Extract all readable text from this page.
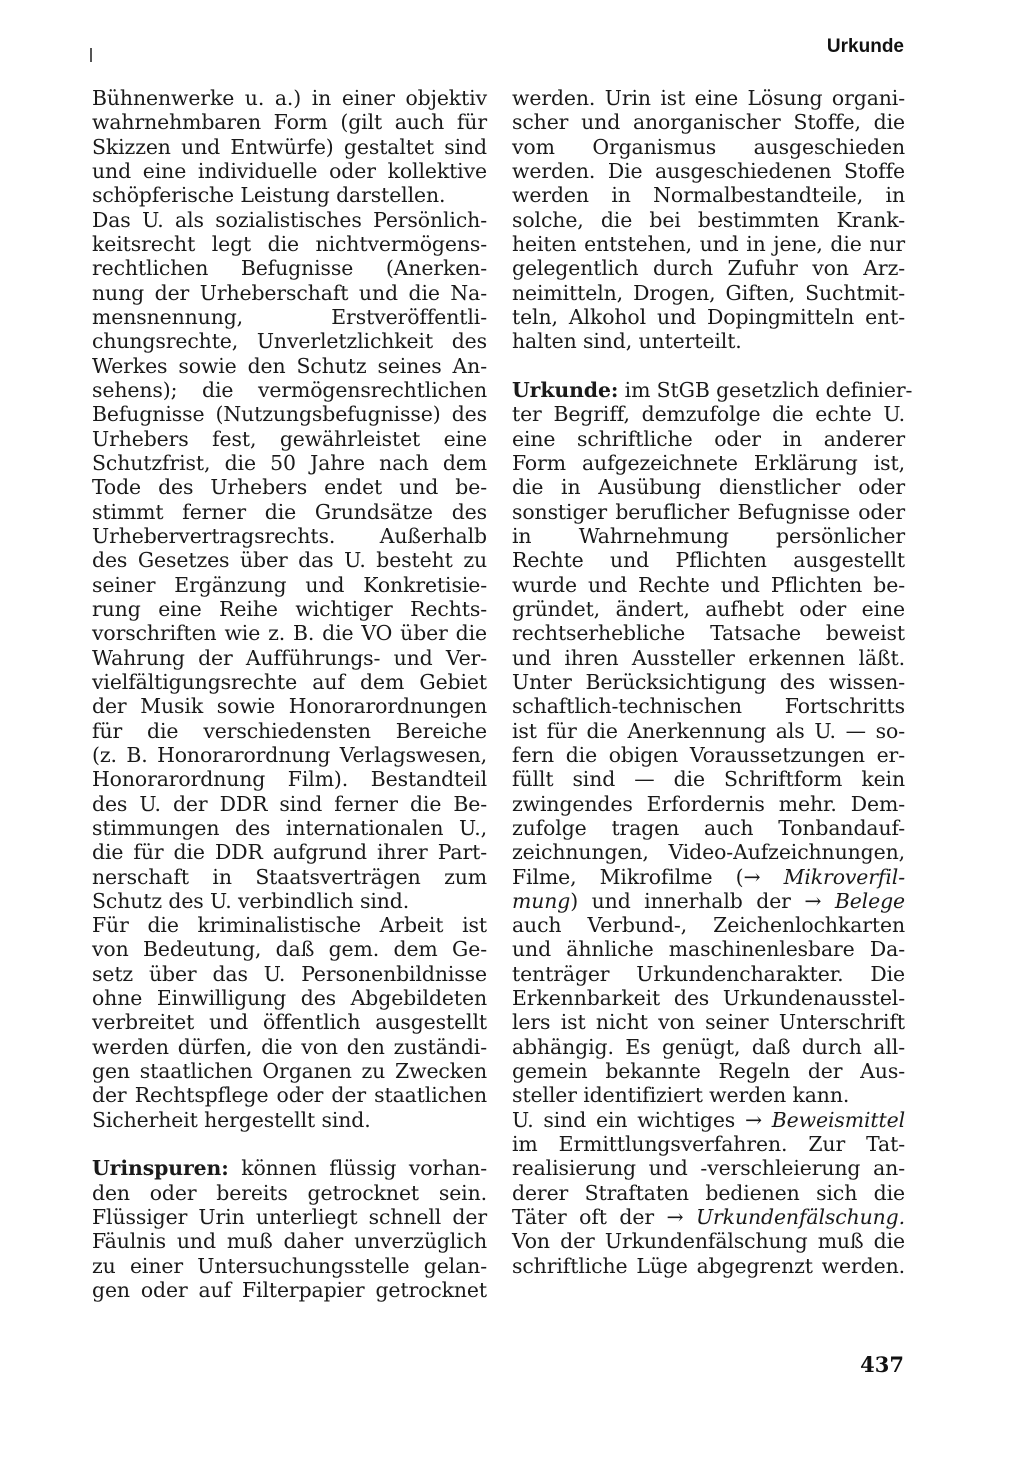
Urkunde
Bühnenwerke u. a.) in einer objektiv
wahrnehmbaren Form (gilt auch für
Skizzen und Entwürfe) gestaltet sind
und eine individuelle oder kollektive
schöpferische Leistung darstellen.
Das U. als sozialistisches Persönlich-
keitsrecht legt die nichtvermögens-
rechtlichen Befugnisse (Anerken-
nung der Urheberschaft und die Na-
mensnennung, Erstveröffentli-
chungsrechte, Unverletzlichkeit des
Werkes sowie den Schutz seines An-
sehens); die vermögensrechtlichen
Befugnisse (Nutzungsbefugnisse) des
Urhebers fest, gewährleistet eine
Schutzfrist, die 50 Jahre nach dem
Tode des Urhebers endet und be-
stimmt ferner die Grundsätze des
Urhebervertragsrechts. Außerhalb
des Gesetzes über das U. besteht zu
seiner Ergänzung und Konkretisie-
rung eine Reihe wichtiger Rechts-
vorschriften wie z. B. die VO über die
Wahrung der Aufführungs- und Ver-
vielfältigungsrechte auf dem Gebiet
der Musik sowie Honorarordnungen
für die verschiedensten Bereiche
(z. B. Honorarordnung Verlagswesen,
Honorarordnung Film). Bestandteil
des U. der DDR sind ferner die Be-
stimmungen des internationalen U.,
die für die DDR aufgrund ihrer Part-
nerschaft in Staatsverträgen zum
Schutz des U. verbindlich sind.
Für die kriminalistische Arbeit ist
von Bedeutung, daß gem. dem Ge-
setz über das U. Personenbildnisse
ohne Einwilligung des Abgebildeten
verbreitet und öffentlich ausgestellt
werden dürfen, die von den zuständi-
gen staatlichen Organen zu Zwecken
der Rechtspflege oder der staatlichen
Sicherheit hergestellt sind.
Urinspuren: können flüssig vorhan-
den oder bereits getrocknet sein.
Flüssiger Urin unterliegt schnell der
Fäulnis und muß daher unverzüglich
zu einer Untersuchungsstelle gelan-
gen oder auf Filterpapier getrocknet
werden. Urin ist eine Lösung organi-
scher und anorganischer Stoffe, die
vom Organismus ausgeschieden
werden. Die ausgeschiedenen Stoffe
werden in Normalbestandteile, in
solche, die bei bestimmten Krank-
heiten entstehen, und in jene, die nur
gelegentlich durch Zufuhr von Arz-
neimitteln, Drogen, Giften, Suchtmit-
teln, Alkohol und Dopingmitteln ent-
halten sind, unterteilt.
Urkunde: im StGB gesetzlich definier-
ter Begriff, demzufolge die echte U.
eine schriftliche oder in anderer
Form aufgezeichnete Erklärung ist,
die in Ausübung dienstlicher oder
sonstiger beruflicher Befugnisse oder
in Wahrnehmung persönlicher
Rechte und Pflichten ausgestellt
wurde und Rechte und Pflichten be-
gründet, ändert, aufhebt oder eine
rechtserhebliche Tatsache beweist
und ihren Aussteller erkennen läßt.
Unter Berücksichtigung des wissen-
schaftlich-technischen Fortschritts
ist für die Anerkennung als U. — so-
fern die obigen Voraussetzungen er-
füllt sind — die Schriftform kein
zwingendes Erfordernis mehr. Dem-
zufolge tragen auch Tonbandauf-
zeichnungen, Video-Aufzeichnungen,
Filme, Mikrofilme (→ Mikroverfil-
mung) und innerhalb der → Belege
auch Verbund-, Zeichenlochkarten
und ähnliche maschinenlesbare Da-
tenträger Urkundencharakter. Die
Erkennbarkeit des Urkundenausstel-
lers ist nicht von seiner Unterschrift
abhängig. Es genügt, daß durch all-
gemein bekannte Regeln der Aus-
steller identifiziert werden kann.
U. sind ein wichtiges → Beweismittel
im Ermittlungsverfahren. Zur Tat-
realisierung und -verschleierung an-
derer Straftaten bedienen sich die
Täter oft der → Urkundenfälschung.
Von der Urkundenfälschung muß die
schriftliche Lüge abgegrenzt werden.
437
